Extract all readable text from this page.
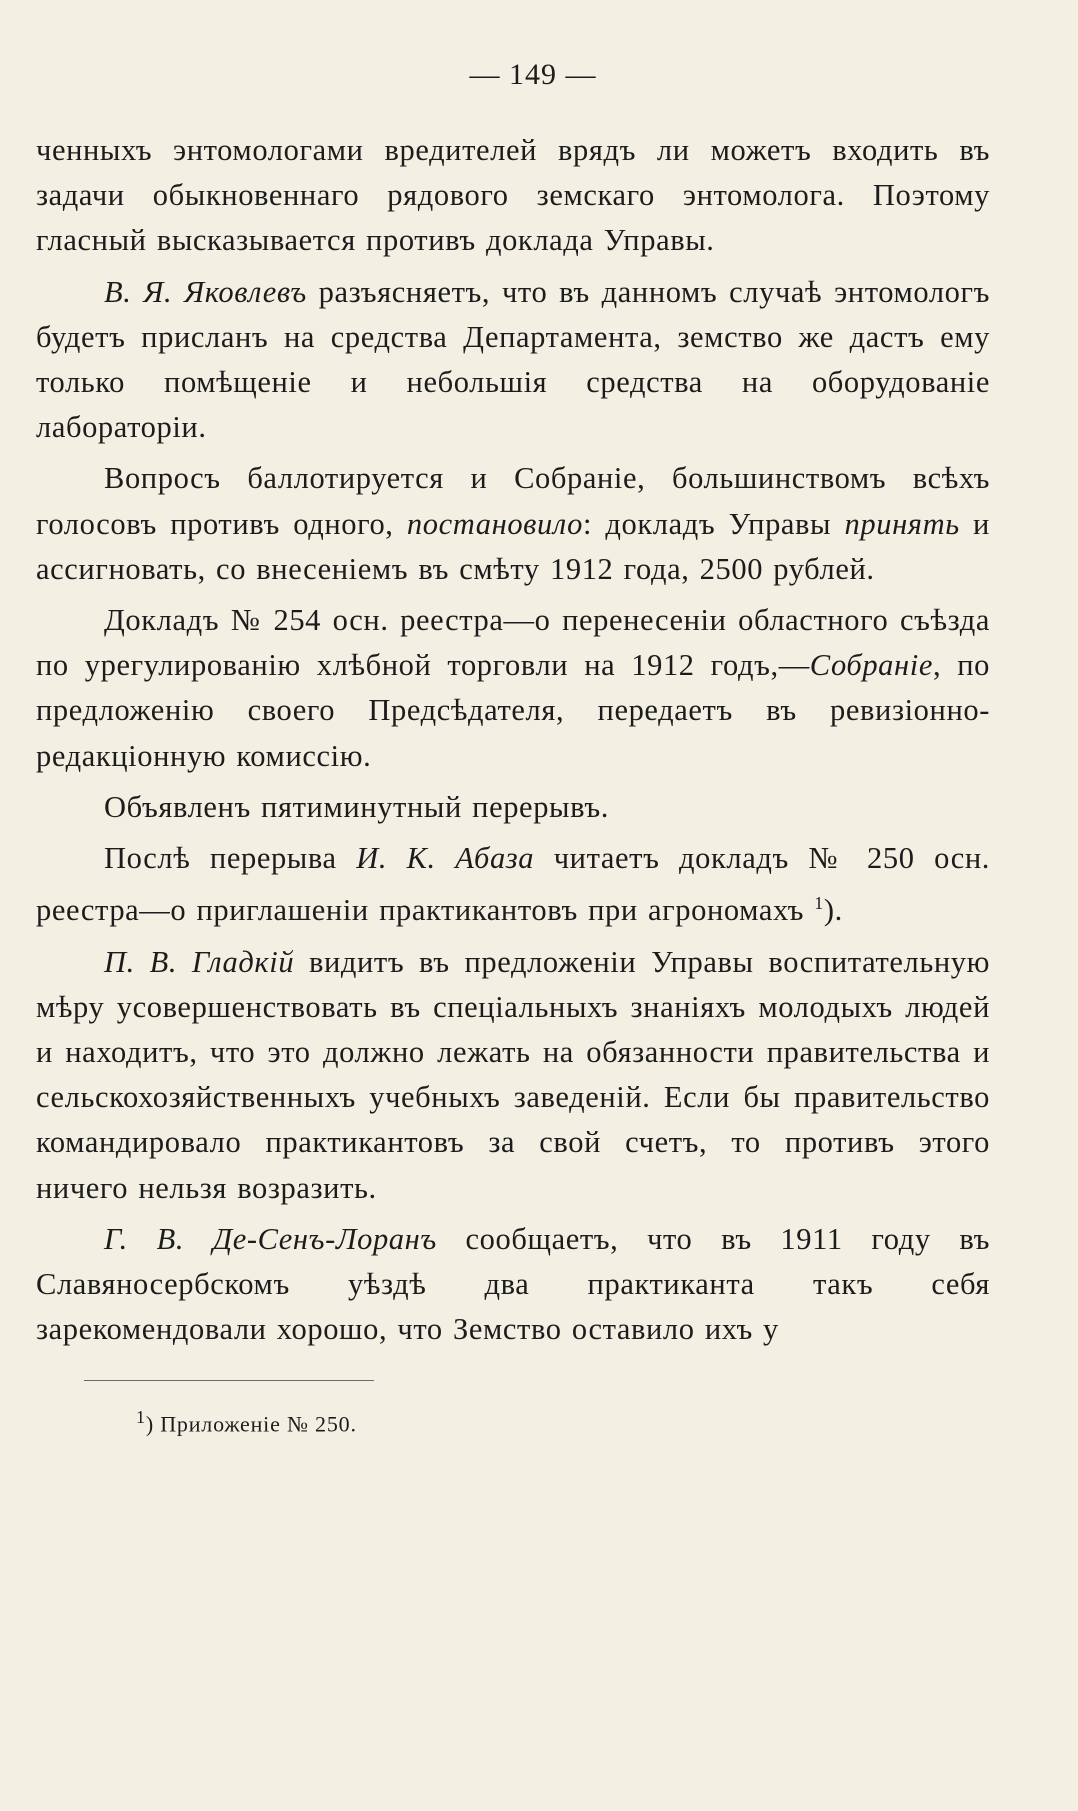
— 149 —

ченныхъ энтомологами вредителей врядъ ли можетъ входить въ задачи обыкновеннаго рядового земскаго энтомолога. Поэтому гласный высказывается противъ доклада Управы.

В. Я. Яковлевъ разъясняетъ, что въ данномъ случаѣ энтомологъ будетъ присланъ на средства Департамента, земство же дастъ ему только помѣщеніе и небольшія средства на оборудованіе лабораторіи.

Вопросъ баллотируется и Собраніе, большинствомъ всѣхъ голосовъ противъ одного, постановило: докладъ Управы принять и ассигновать, со внесеніемъ въ смѣту 1912 года, 2500 рублей.

Докладъ № 254 осн. реестра—о перенесеніи областного съѣзда по урегулированію хлѣбной торговли на 1912 годъ,—Собраніе, по предложенію своего Предсѣдателя, передаетъ въ ревизіонно-редакціонную комиссію.

Объявленъ пятиминутный перерывъ.

Послѣ перерыва И. К. Абаза читаетъ докладъ № 250 осн. реестра—о приглашеніи практикантовъ при агрономахъ $^1$).

П. В. Гладкій видитъ въ предложеніи Управы воспитательную мѣру усовершенствовать въ спеціальныхъ знаніяхъ молодыхъ людей и находитъ, что это должно лежать на обязанности правительства и сельскохозяйственныхъ учебныхъ заведеній. Если бы правительство командировало практикантовъ за свой счетъ, то противъ этого ничего нельзя возразить.

Г. В. Де-Сенъ-Лоранъ сообщаетъ, что въ 1911 году въ Славяносербскомъ уѣздѣ два практиканта такъ себя зарекомендовали хорошо, что Земство оставило ихъ у

$^1$) Приложеніе № 250.
